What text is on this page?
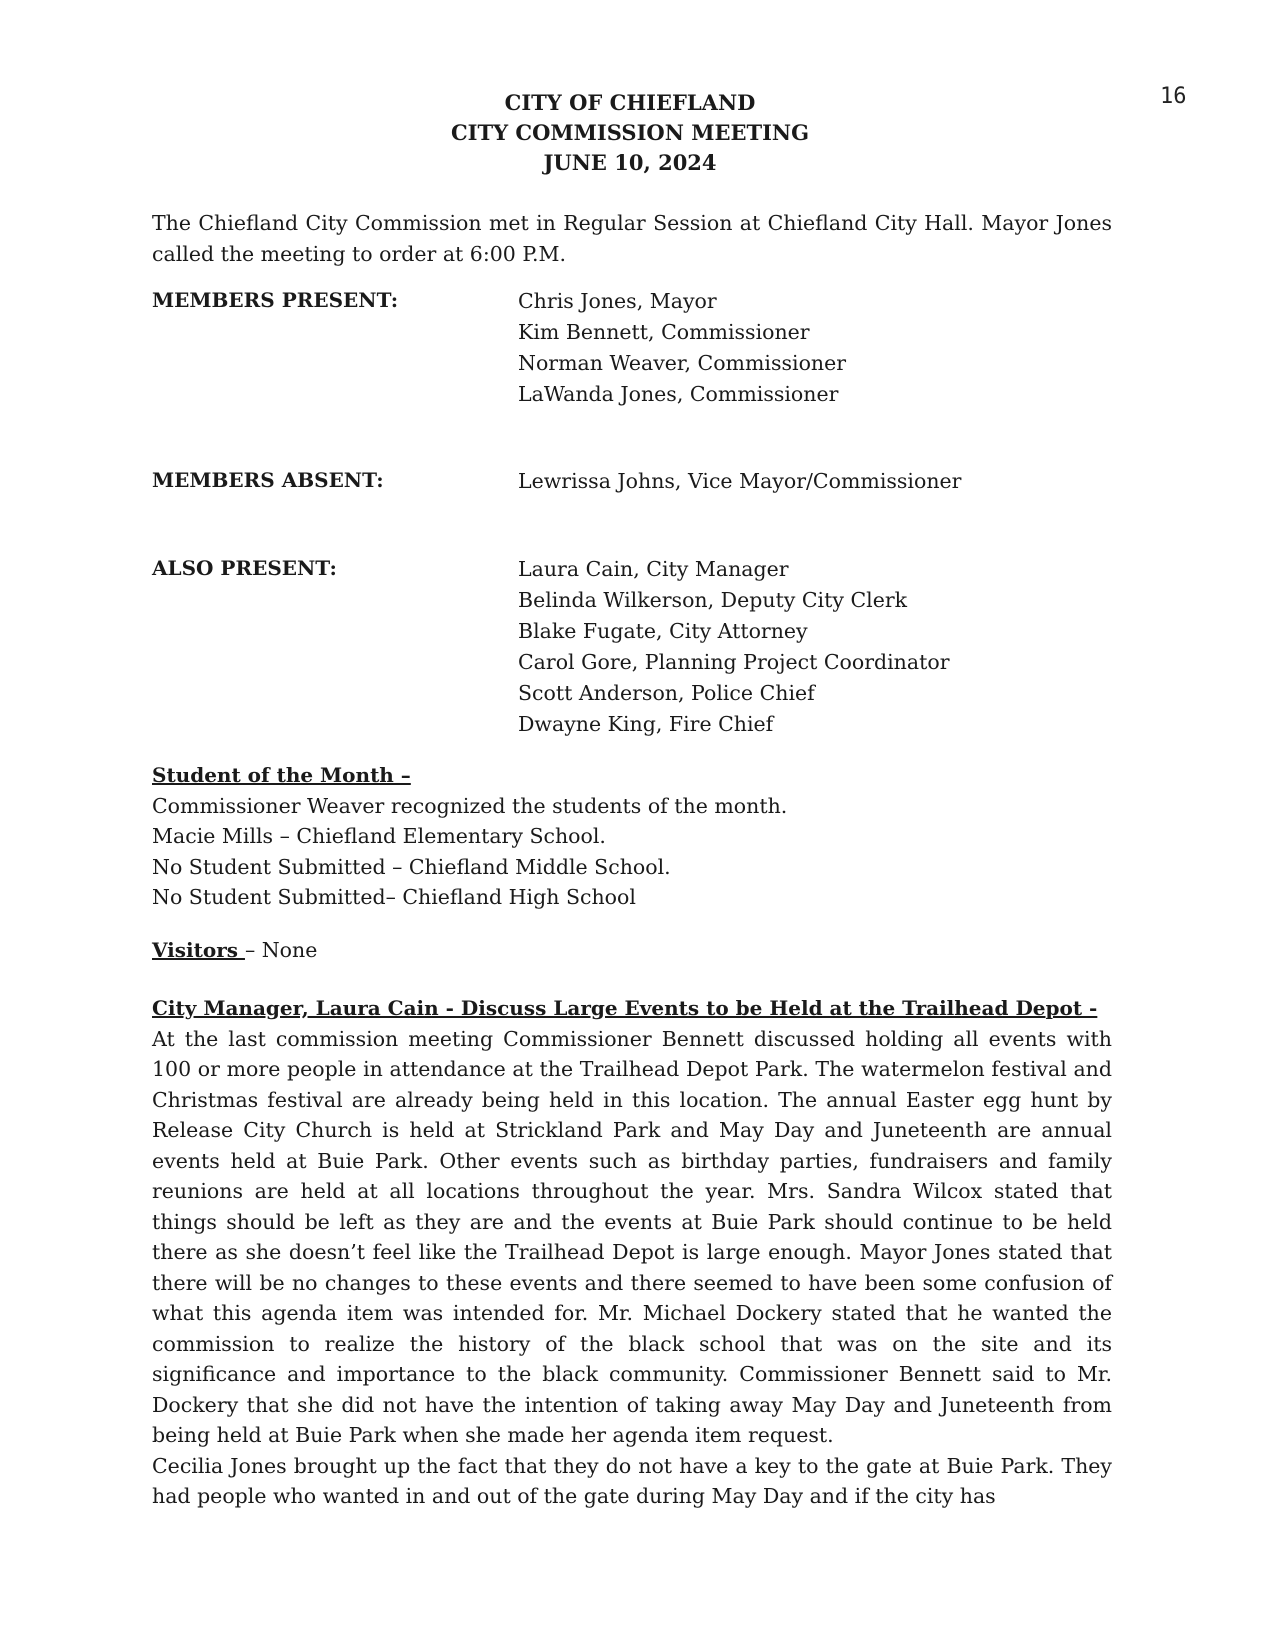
16
CITY OF CHIEFLAND
CITY COMMISSION MEETING
JUNE 10, 2024

The Chiefland City Commission met in Regular Session at Chiefland City Hall. Mayor Jones called the meeting to order at 6:00 P.M.

MEMBERS PRESENT:	Chris Jones, Mayor
Kim Bennett, Commissioner
Norman Weaver, Commissioner
LaWanda Jones, Commissioner
MEMBERS ABSENT:	Lewrissa Johns, Vice Mayor/Commissioner
ALSO PRESENT:	Laura Cain, City Manager
Belinda Wilkerson, Deputy City Clerk
Blake Fugate, City Attorney
Carol Gore, Planning Project Coordinator
Scott Anderson, Police Chief
Dwayne King, Fire Chief
Student of the Month –
Commissioner Weaver recognized the students of the month.
Macie Mills – Chiefland Elementary School.
No Student Submitted – Chiefland Middle School.
No Student Submitted– Chiefland High School
Visitors – None
City Manager, Laura Cain - Discuss Large Events to be Held at the Trailhead Depot -

At the last commission meeting Commissioner Bennett discussed holding all events with 100 or more people in attendance at the Trailhead Depot Park. The watermelon festival and Christmas festival are already being held in this location. The annual Easter egg hunt by Release City Church is held at Strickland Park and May Day and Juneteenth are annual events held at Buie Park. Other events such as birthday parties, fundraisers and family reunions are held at all locations throughout the year. Mrs. Sandra Wilcox stated that things should be left as they are and the events at Buie Park should continue to be held there as she doesn’t feel like the Trailhead Depot is large enough. Mayor Jones stated that there will be no changes to these events and there seemed to have been some confusion of what this agenda item was intended for. Mr. Michael Dockery stated that he wanted the commission to realize the history of the black school that was on the site and its significance and importance to the black community. Commissioner Bennett said to Mr. Dockery that she did not have the intention of taking away May Day and Juneteenth from being held at Buie Park when she made her agenda item request.

Cecilia Jones brought up the fact that they do not have a key to the gate at Buie Park. They had people who wanted in and out of the gate during May Day and if the city has
